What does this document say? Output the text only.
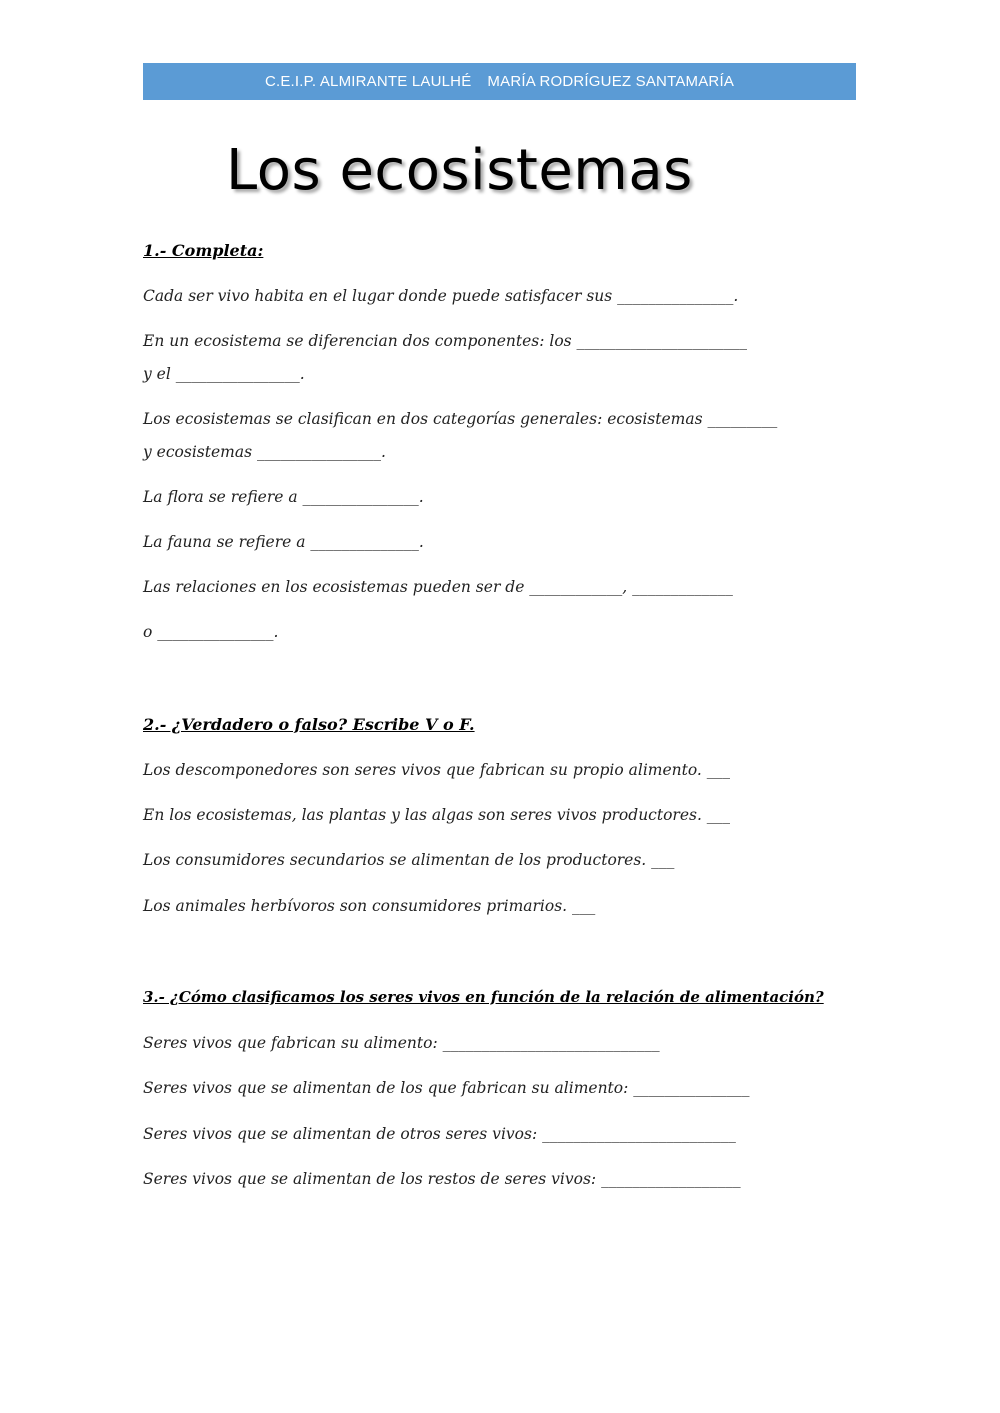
C.E.I.P. ALMIRANTE LAULHÉ MARÍA RODRÍGUEZ SANTAMARÍA
Los ecosistemas

1.- Completa:

Cada ser vivo habita en el lugar donde puede satisfacer sus _______________.

En un ecosistema se diferencian dos componentes: los ______________________

y el ________________.

Los ecosistemas se clasifican en dos categorías generales: ecosistemas _________

y ecosistemas ________________.

La flora se refiere a _______________.

La fauna se refiere a ______________.

Las relaciones en los ecosistemas pueden ser de ____________, _____________

o _______________.

2.- ¿Verdadero o falso? Escribe V o F.

Los descomponedores son seres vivos que fabrican su propio alimento. ___

En los ecosistemas, las plantas y las algas son seres vivos productores. ___

Los consumidores secundarios se alimentan de los productores. ___

Los animales herbívoros son consumidores primarios. ___

3.- ¿Cómo clasificamos los seres vivos en función de la relación de alimentación?

Seres vivos que fabrican su alimento: ____________________________

Seres vivos que se alimentan de los que fabrican su alimento: _______________

Seres vivos que se alimentan de otros seres vivos: _________________________

Seres vivos que se alimentan de los restos de seres vivos: __________________
